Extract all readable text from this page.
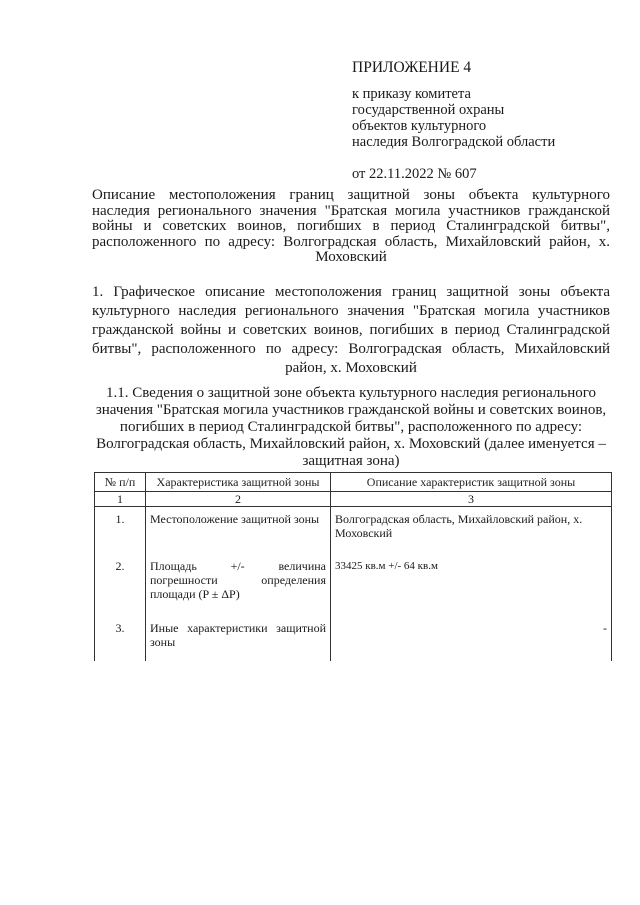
ПРИЛОЖЕНИЕ 4
к приказу комитета
государственной охраны
объектов культурного
наследия Волгоградской области
от 22.11.2022 № 607
Описание местоположения границ защитной зоны объекта культурного наследия регионального значения "Братская могила участников гражданской войны и советских воинов, погибших в период Сталинградской битвы", расположенного по адресу: Волгоградская область, Михайловский район, х. Моховский
1. Графическое описание местоположения границ защитной зоны объекта культурного наследия регионального значения "Братская могила участников гражданской войны и советских воинов, погибших в период Сталинградской битвы", расположенного по адресу: Волгоградская область, Михайловский район, х. Моховский
1.1. Сведения о защитной зоне объекта культурного наследия регионального значения "Братская могила участников гражданской войны и советских воинов, погибших в период Сталинградской битвы", расположенного по адресу: Волгоградская область, Михайловский район, х. Моховский (далее именуется – защитная зона)
№ п/п	Характеристика защитной зоны	Описание характеристик защитной зоны
1	2	3
1.	Местоположение защитной зоны	Волгоградская область, Михайловский район, х. Моховский
2.	Площадь +/- величина погрешности определения площади (P ± ΔP)	33425 кв.м +/- 64 кв.м
3.	Иные характеристики защитной зоны	-
